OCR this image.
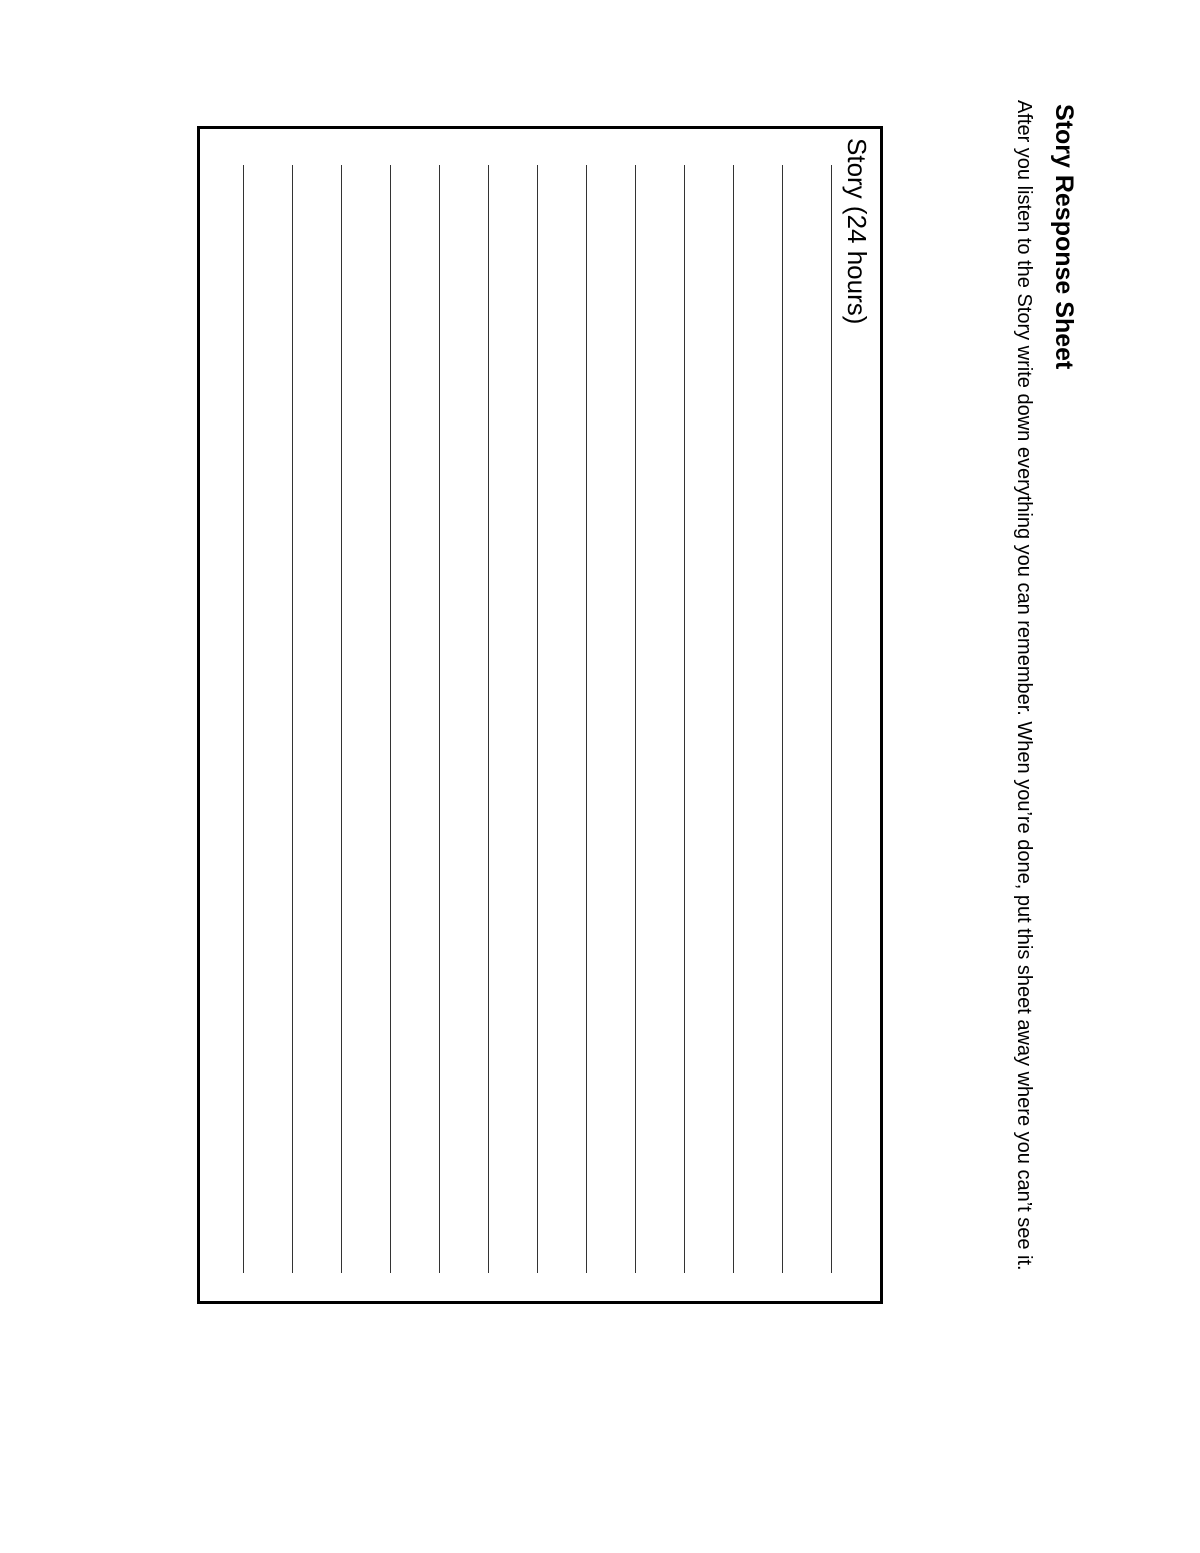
Story Response Sheet

After you listen to the Story write down everything you can remember. When you’re done, put this sheet away where you can’t see it.

Story (24 hours)
